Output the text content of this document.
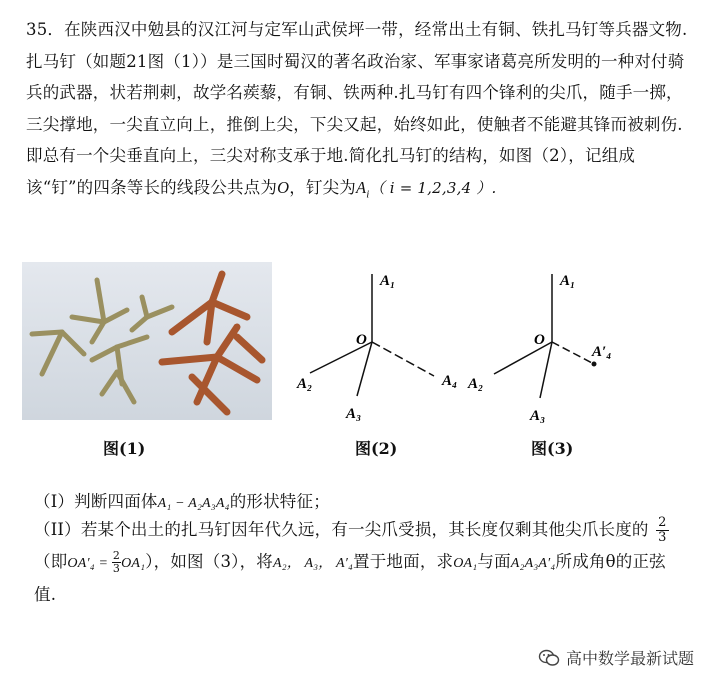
35．在陕西汉中勉县的汉江河与定军山武侯坪一带，经常出土有铜、铁扎马钉等兵器文物.扎马钉（如题21图（1））是三国时蜀汉的著名政治家、军事家诸葛亮所发明的一种对付骑兵的武器，状若荆刺，故学名蒺藜，有铜、铁两种.扎马钉有四个锋利的尖爪，随手一掷，三尖撑地，一尖直立向上，推倒上尖，下尖又起，始终如此，使触者不能避其锋而被刺伤.即总有一个尖垂直向上，三尖对称支承于地.简化扎马钉的结构，如图（2），记组成该“钉”的四条等长的线段公共点为O，钉尖为$A_i$（ i = 1,2,3,4 ）.
A₁
O
A₂
A₃
A₄
A₁
O
A₂
A₃
A′₄
图(1)	图(2)	图(3)
（I）判断四面体A₁ − A₂A₃A₄的形状特征；
（II）若某个出土的扎马钉因年代久远，有一尖爪受损，其长度仅剩其他尖爪长度的 $\frac{2}{3}$
（即$OA'_4 = \frac{2}{3} OA_1$），如图（3），将A₂， A₃， A′₄置于地面，求OA₁与面A₂A₃A′₄所成角θ的正弦
值.
高中数学最新试题
